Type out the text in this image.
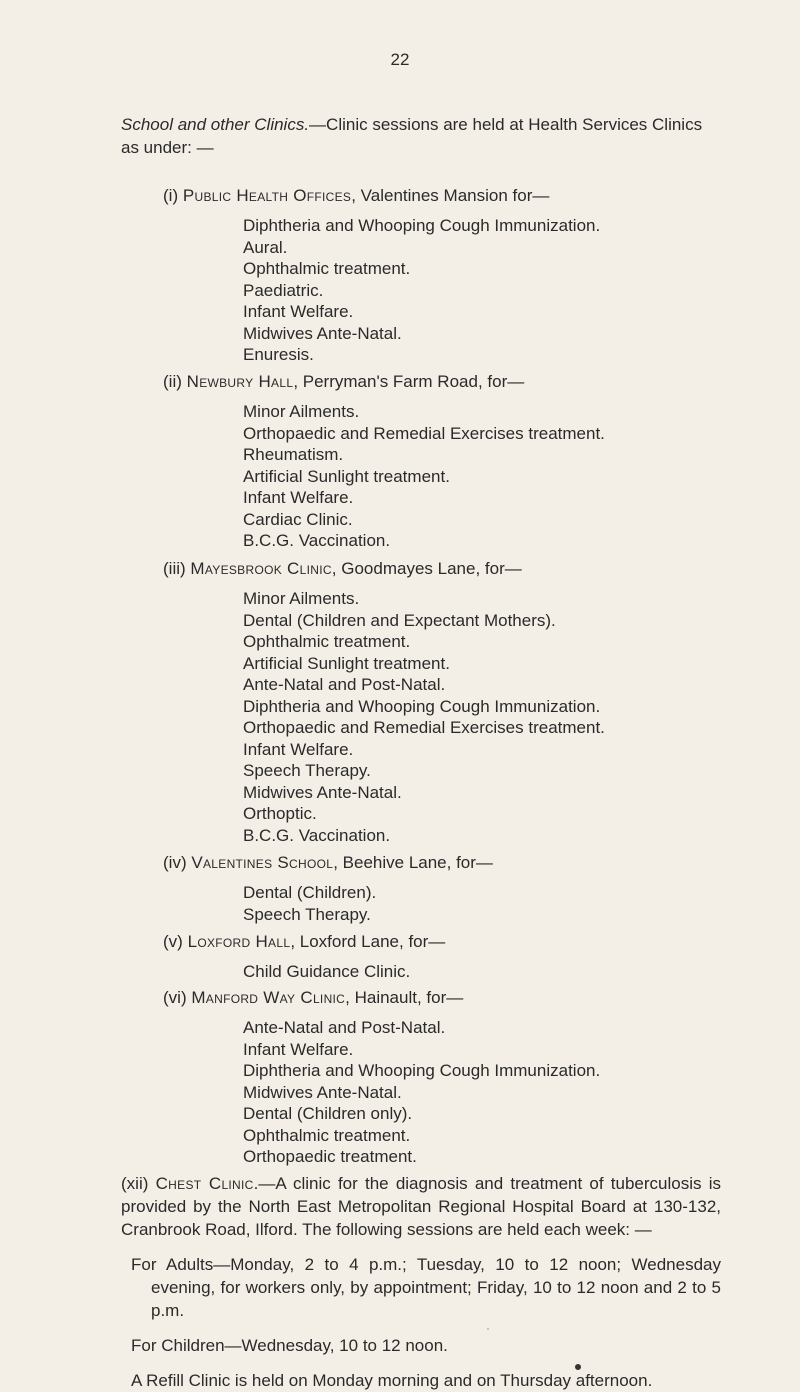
22
School and other Clinics.—Clinic sessions are held at Health Services Clinics as under: —
(i) Public Health Offices, Valentines Mansion for—
Diphtheria and Whooping Cough Immunization.
Aural.
Ophthalmic treatment.
Paediatric.
Infant Welfare.
Midwives Ante-Natal.
Enuresis.
(ii) Newbury Hall, Perryman's Farm Road, for—
Minor Ailments.
Orthopaedic and Remedial Exercises treatment.
Rheumatism.
Artificial Sunlight treatment.
Infant Welfare.
Cardiac Clinic.
B.C.G. Vaccination.
(iii) Mayesbrook Clinic, Goodmayes Lane, for—
Minor Ailments.
Dental (Children and Expectant Mothers).
Ophthalmic treatment.
Artificial Sunlight treatment.
Ante-Natal and Post-Natal.
Diphtheria and Whooping Cough Immunization.
Orthopaedic and Remedial Exercises treatment.
Infant Welfare.
Speech Therapy.
Midwives Ante-Natal.
Orthoptic.
B.C.G. Vaccination.
(iv) Valentines School, Beehive Lane, for—
Dental (Children).
Speech Therapy.
(v) Loxford Hall, Loxford Lane, for—
Child Guidance Clinic.
(vi) Manford Way Clinic, Hainault, for—
Ante-Natal and Post-Natal.
Infant Welfare.
Diphtheria and Whooping Cough Immunization.
Midwives Ante-Natal.
Dental (Children only).
Ophthalmic treatment.
Orthopaedic treatment.

(xii) Chest Clinic.—A clinic for the diagnosis and treatment of tuberculosis is provided by the North East Metropolitan Regional Hospital Board at 130-132, Cranbrook Road, Ilford. The following sessions are held each week: —

For Adults—Monday, 2 to 4 p.m.; Tuesday, 10 to 12 noon; Wednesday evening, for workers only, by appointment; Friday, 10 to 12 noon and 2 to 5 p.m.

For Children—Wednesday, 10 to 12 noon.

A Refill Clinic is held on Monday morning and on Thursday afternoon.
